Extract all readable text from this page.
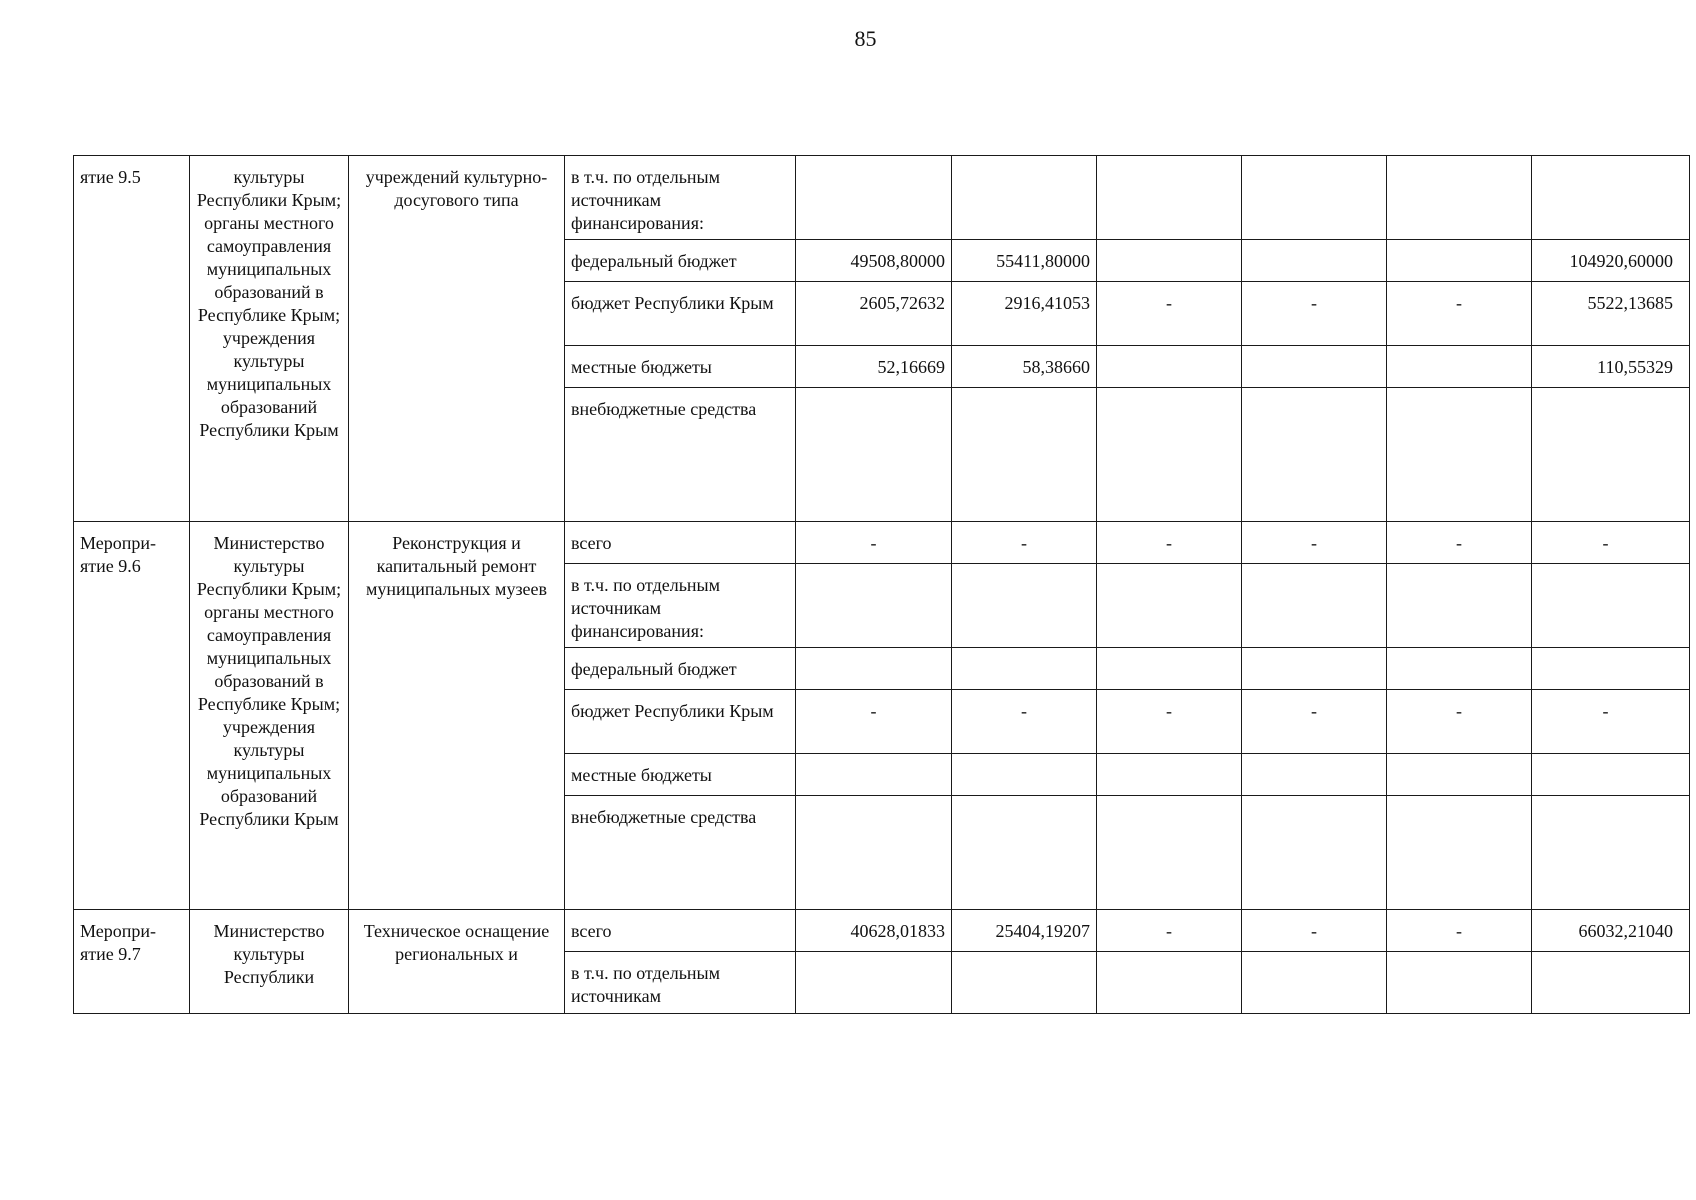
85
ятие 9.5	культуры Республики Крым; органы местного самоуправления муниципальных образований в Республике Крым; учреждения культуры муниципальных образований Республики Крым	учреждений культурно-досугового типа	в т.ч. по отдельным источникам финансирования:						
			федеральный бюджет	49508,80000	55411,80000				104920,60000
			бюджет Республики Крым	2605,72632	2916,41053	-	-	-	5522,13685
			местные бюджеты	52,16669	58,38660				110,55329
			внебюджетные средства						
Меропри-ятие 9.6	Министерство культуры Республики Крым; органы местного самоуправления муниципальных образований в Республике Крым; учреждения культуры муниципальных образований Республики Крым	Реконструкция и капитальный ремонт муниципальных музеев	всего	-	-	-	-	-	-
			в т.ч. по отдельным источникам финансирования:						
			федеральный бюджет						
			бюджет Республики Крым	-	-	-	-	-	-
			местные бюджеты						
			внебюджетные средства						
Меропри-ятие 9.7	Министерство культуры Республики	Техническое оснащение региональных и	всего	40628,01833	25404,19207	-	-	-	66032,21040
			в т.ч. по отдельным источникам						
